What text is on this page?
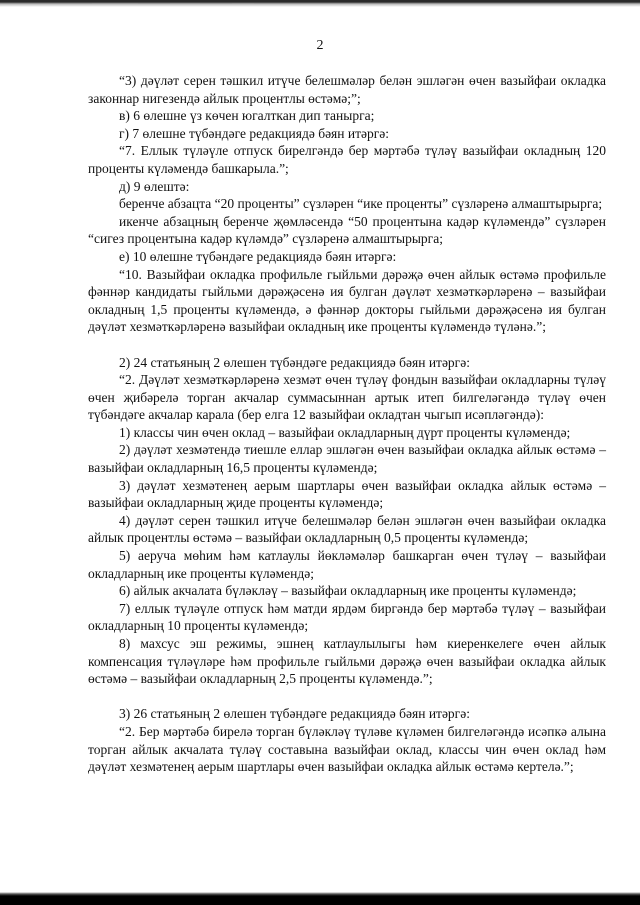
2

“3) дәүләт серен тәшкил итүче белешмәләр белән эшләгән өчен вазыйфаи окладка законнар нигезендә айлык процентлы өстәмә;”;

в) 6 өлешне үз көчен югалткан дип танырга;

г) 7 өлешне түбәндәге редакциядә бәян итәргә:

“7. Еллык түләүле отпуск бирелгәндә бер мәртәбә түләү вазыйфаи окладның 120 проценты күләмендә башкарыла.”;

д) 9 өлештә:

беренче абзацта “20 проценты” сүзләрен “ике проценты” сүзләренә алмаштырырга;

икенче абзацның беренче җөмләсендә “50 процентына кадәр күләмендә” сүзләрен “сигез процентына кадәр күләмдә” сүзләренә алмаштырырга;

е) 10 өлешне түбәндәге редакциядә бәян итәргә:

“10. Вазыйфаи окладка профильле гыйльми дәрәҗә өчен айлык өстәмә профильле фәннәр кандидаты гыйльми дәрәҗәсенә ия булган дәүләт хезмәткәрләренә – вазыйфаи окладның 1,5 проценты күләмендә, ә фәннәр докторы гыйльми дәрәҗәсенә ия булган дәүләт хезмәткәрләренә вазыйфаи окладның ике проценты күләмендә түләнә.”;

2) 24 статьяның 2 өлешен түбәндәге редакциядә бәян итәргә:

“2. Дәүләт хезмәткәрләренә хезмәт өчен түләү фондын вазыйфаи окладларны түләү өчен җибәрелә торган акчалар суммасыннан артык итеп билгеләгәндә түләү өчен түбәндәге акчалар карала (бер елга 12 вазыйфаи окладтан чыгып исәпләгәндә):

1) классы чин өчен оклад – вазыйфаи окладларның дүрт проценты күләмендә;

2) дәүләт хезмәтендә тиешле еллар эшләгән өчен вазыйфаи окладка айлык өстәмә – вазыйфаи окладларның 16,5 проценты күләмендә;

3) дәүләт хезмәтенең аерым шартлары өчен вазыйфаи окладка айлык өстәмә – вазыйфаи окладларның җиде проценты күләмендә;

4) дәүләт серен тәшкил итүче белешмәләр белән эшләгән өчен вазыйфаи окладка айлык процентлы өстәмә – вазыйфаи окладларның 0,5 проценты күләмендә;

5) аеруча мөһим һәм катлаулы йөкләмәләр башкарган өчен түләү – вазыйфаи окладларның ике проценты күләмендә;

6) айлык акчалата бүләкләү – вазыйфаи окладларның ике проценты күләмендә;

7) еллык түләүле отпуск һәм матди ярдәм биргәндә бер мәртәбә түләү – вазыйфаи окладларның 10 проценты күләмендә;

8) махсус эш режимы, эшнең катлаулылыгы һәм киеренкелеге өчен айлык компенсация түләүләре һәм профильле гыйльми дәрәҗә өчен вазыйфаи окладка айлык өстәмә – вазыйфаи окладларның 2,5 проценты күләмендә.”;

3) 26 статьяның 2 өлешен түбәндәге редакциядә бәян итәргә:

“2. Бер мәртәбә бирелә торган бүләкләү түләве күләмен билгеләгәндә исәпкә алына торган айлык акчалата түләү составына вазыйфаи оклад, классы чин өчен оклад һәм дәүләт хезмәтенең аерым шартлары өчен вазыйфаи окладка айлык өстәмә кертелә.”;
